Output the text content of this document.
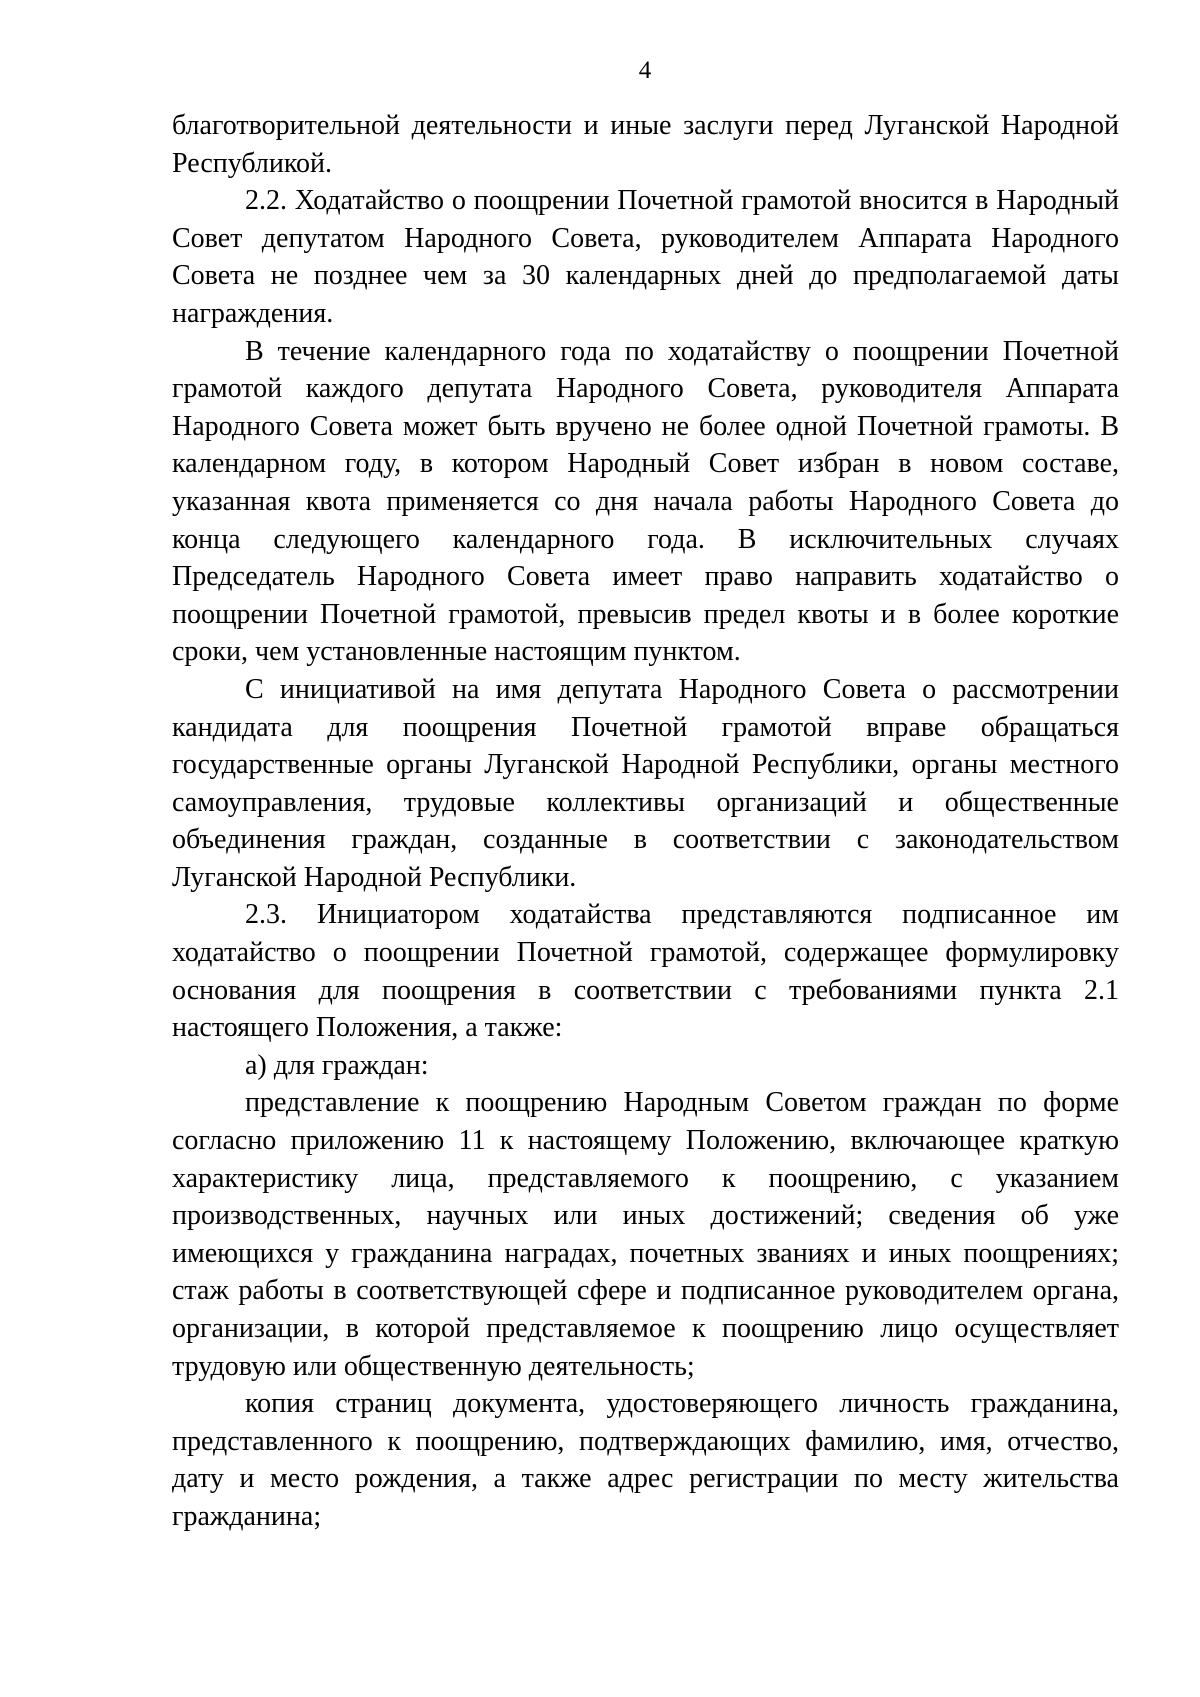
4

благотворительной деятельности и иные заслуги перед Луганской Народной Республикой.

2.2. Ходатайство о поощрении Почетной грамотой вносится в Народный Совет депутатом Народного Совета, руководителем Аппарата Народного Совета не позднее чем за 30 календарных дней до предполагаемой даты награждения.

В течение календарного года по ходатайству о поощрении Почетной грамотой каждого депутата Народного Совета, руководителя Аппарата Народного Совета может быть вручено не более одной Почетной грамоты. В календарном году, в котором Народный Совет избран в новом составе, указанная квота применяется со дня начала работы Народного Совета до конца следующего календарного года. В исключительных случаях Председатель Народного Совета имеет право направить ходатайство о поощрении Почетной грамотой, превысив предел квоты и в более короткие сроки, чем установленные настоящим пунктом.

С инициативой на имя депутата Народного Совета о рассмотрении кандидата для поощрения Почетной грамотой вправе обращаться государственные органы Луганской Народной Республики, органы местного самоуправления, трудовые коллективы организаций и общественные объединения граждан, созданные в соответствии с законодательством Луганской Народной Республики.

2.3. Инициатором ходатайства представляются подписанное им ходатайство о поощрении Почетной грамотой, содержащее формулировку основания для поощрения в соответствии с требованиями пункта 2.1 настоящего Положения, а также:

а) для граждан:

представление к поощрению Народным Советом граждан по форме согласно приложению 11 к настоящему Положению, включающее краткую характеристику лица, представляемого к поощрению, с указанием производственных, научных или иных достижений; сведения об уже имеющихся у гражданина наградах, почетных званиях и иных поощрениях; стаж работы в соответствующей сфере и подписанное руководителем органа, организации, в которой представляемое к поощрению лицо осуществляет трудовую или общественную деятельность;

копия страниц документа, удостоверяющего личность гражданина, представленного к поощрению, подтверждающих фамилию, имя, отчество, дату и место рождения, а также адрес регистрации по месту жительства гражданина;
